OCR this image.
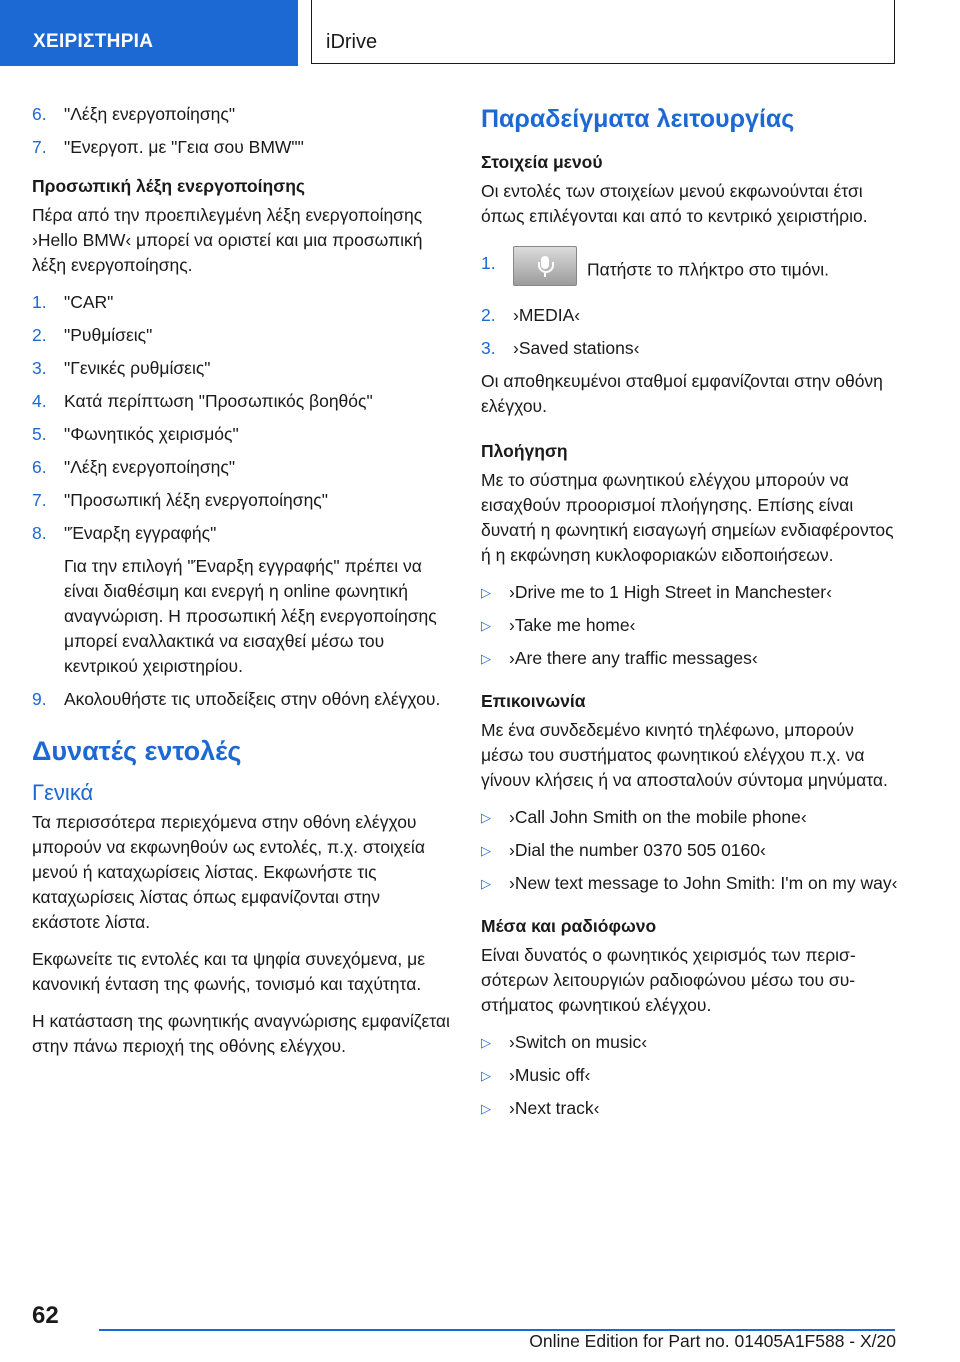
ΧΕΙΡΙΣΤΗΡΙΑ	iDrive
6. "Λέξη ενεργοποίησης"
7. "Ενεργοπ. με "Γεια σου BMW""
Προσωπική λέξη ενεργοποίησης
Πέρα από την προεπιλεγμένη λέξη ενεργοποίησης ›Hello BMW‹ μπορεί να οριστεί και μια προσωπική λέξη ενεργοποίησης.
1. "CAR"
2. "Ρυθμίσεις"
3. "Γενικές ρυθμίσεις"
4. Κατά περίπτωση "Προσωπικός βοηθός"
5. "Φωνητικός χειρισμός"
6. "Λέξη ενεργοποίησης"
7. "Προσωπική λέξη ενεργοποίησης"
8. "Έναρξη εγγραφής"
Για την επιλογή "Έναρξη εγγραφής" πρέπει να είναι διαθέσιμη και ενεργή η online φωνητική αναγνώριση. Η προσωπική λέξη ενεργοποίησης μπορεί εναλλακτικά να εισαχθεί μέσω του κεντρικού χειριστηρίου.
9. Ακολουθήστε τις υποδείξεις στην οθόνη ελέγχου.
Δυνατές εντολές
Γενικά
Τα περισσότερα περιεχόμενα στην οθόνη ελέγχου μπορούν να εκφωνηθούν ως εντολές, π.χ. στοιχεία μενού ή καταχωρίσεις λίστας. Εκφωνήστε τις καταχωρίσεις λίστας όπως εμφανίζονται στην εκάστοτε λίστα.
Εκφωνείτε τις εντολές και τα ψηφία συνεχόμενα, με κανονική ένταση της φωνής, τονισμό και ταχύτητα.
Η κατάσταση της φωνητικής αναγνώρισης εμφανίζεται στην πάνω περιοχή της οθόνης ελέγχου.
Παραδείγματα λειτουργίας
Στοιχεία μενού
Οι εντολές των στοιχείων μενού εκφωνούνται έτσι όπως επιλέγονται και από το κεντρικό χειριστήριο.
1.	Πατήστε το πλήκτρο στο τιμόνι.
2. ›MEDIA‹
3. ›Saved stations‹
Οι αποθηκευμένοι σταθμοί εμφανίζονται στην οθόνη ελέγχου.
Πλοήγηση
Με το σύστημα φωνητικού ελέγχου μπορούν να εισαχθούν προορισμοί πλοήγησης. Επίσης είναι δυνατή η φωνητική εισαγωγή σημείων ενδιαφέροντος ή η εκφώνηση κυκλοφοριακών ειδοποιήσεων.
▷	›Drive me to 1 High Street in Manchester‹
▷	›Take me home‹
▷	›Are there any traffic messages‹
Επικοινωνία
Με ένα συνδεδεμένο κινητό τηλέφωνο, μπορούν μέσω του συστήματος φωνητικού ελέγχου π.χ. να γίνουν κλήσεις ή να αποσταλούν σύντομα μηνύματα.
▷	›Call John Smith on the mobile phone‹
▷	›Dial the number 0370 505 0160‹
▷	›New text message to John Smith: I'm on my way‹
Μέσα και ραδιόφωνο
Είναι δυνατός ο φωνητικός χειρισμός των περισσότερων λειτουργιών ραδιοφώνου μέσω του συστήματος φωνητικού ελέγχου.
▷	›Switch on music‹
▷	›Music off‹
▷	›Next track‹
62
Online Edition for Part no. 01405A1F588 - X/20
